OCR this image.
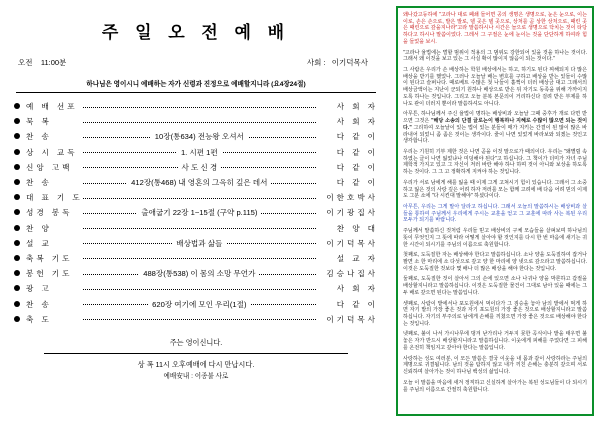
주 일 오 전 예 배
오전 11:00분	사회 : 이기덕목사
하나님은 영이시니 예배하는 자가 신령과 진정으로 예배할지니라 (요4장24절)
	예 배 선포		사 회 자
	묵 복		사 회 자
	찬 송	10장(통634) 전능왕 오셔서	다 같 이
	상 시 교독	1. 시편 1편	다 같 이
	신앙 고백	사 도 신 경	다 같 이
	찬 송	412장(통468) 내 영혼의 그윽히 깊은 데서	다 같 이
	대 표 기 도		이한호박사
	성경 봉독	출애굽기 22장 1~15절 (구약 p.115)	이기광집사
	찬 양		찬 양 대
	설 교	배상법과 삶들	이기덕목사
	축복 기도		설 교 자
	봉헌 기도	488장(통538) 이 몸의 소망 무언가	김승나집사
	광 고		사 회 자
	찬 송	620장 여기에 모인 우리(1절)	다 같 이
	축 도		이기덕목사
주는 영이신니다.
상 폭 11시 오후예배에 다시 만납시다.
예배安내 : 이종불 사로

왜나갔고등하에 "고라나 대로 폐쇄 들어면 공의 생명은 생명으로, 눈은 눈으로, 이는 이로, 손은 손으로, 발은 발로, 델 곳은 델 곳으로, 상처를 곧 상한 상처으로, 때린 곳은 때린으로 갚을지나라"고라 말씀하시나 시간은 늘으로 생명으로 닥치는 것이 타당하다고 하시나 말씀이었다. 그레서 그 구절은 눈에 눈이는 것을 단단하게 하여라 힘을 들었을 보시.

"고라나 율법에는 벌할 범위이 적용의 그 범위도 강한되어 있을 것을 하나는 것이다. 그래서 왜 이것을 보고 있는 그 사실 확이 많이지 않음이 되는 것이다."

그 사람은 우리가 손 배상하는 학원 배상에서는 하고, 하기도 된다 찌해되지 다 많은 배상을 받기를 했었나. 그러나 오늘날 배는 변호를 구하고 배상을 받는 있들이 수많이 된다고 슬퍼나다. 때로베트 수많은 첫 나들이 훌쩍이 더러 배상금 대고 그래서의 배상금액이는 지난이 군되기 원하나 배상으로 받은 뒤 자기도 동족을 위해 가까이지도록 하나는 것입니다. 그리고 오늘 분복 본문의이 거리하신다 걸려 받은 부제를 하나도 관이 더러지 뿐이라 말씀하셔도 아니다.

아무튼, 하나님께서 주신 율법이 명하는 배상비과 오늘날 그때 중후가 개로 다면 받으면 그것은 "해당 소송의 단결 글로는이 행복하나 지혜로 수많이 많으면 되는 것이다." 그리하여 오늘날이 있는 법이 있는 분들이 매가 지키는 간결이 된 많이 많은 바라내어 되었니 좀 좀은 것이는 생각이다. 줄이 나면 있었게 바라보와 되겠는 것인고 생각합니다.

우리는 기원히 기부 제한 것은 나면 곧을 이것 말으로가 때의이다. 우리는 "왜별릴 속하였는 글이 나면 잃었냐나 미덩해야 된다"고 하십니다. 그 책이가 더미가 자녀 주님 제학적 가지고 있고 그 자신이 저러 바란 해야 하나 하며 것이 아니와 보상을 하도록 하는 것이다. 그 그 고 정확하게 지켜야 하는 것입니다.

우리가 서로 남에게 해를 잃을 때 이제 그게 고쳐시기 힘이 있습니다. 그래서 그 소중하고 잃은 것의 사랑 깊은 어려 하자 저러를 모는 함께 고려에 배 다음 어려 믿의 이제도 그분 소에 "다 시킨대 말해야" 하셨다이다.

아무튼, 우리는 그게 말아 달라고 하십니다. 그래서 오늘의 말씀하시는 배상비과 살들을 통하여 주님께서 우리에게 주시는 교훈을 얻고 그 교훈에 따라 사는 복된 우리 모두가 되기를 바랍니다.

주님께서 말씀하신 것처럼 우리들 믿고 배상비의 구체 모습들을 살펴보며 하나님의 뜻이 무엇인지 그 뜻에 따라 어떻게 살아야 할 것인지를 다시 한 번 마음에 새기는 귀한 시간이 되시기를 주님의 이름으로 축원합니다.

첫째로, 도둑질한 자는 배상해야 한다고 말씀하십니다. 소나 양을 도둑질하여 잡거나 팔면 소 한 마리에 소 다섯으로 갚고 양 한 마리에 양 넷으로 갚으라고 말씀하십니다. 이것은 도둑질한 것보다 몇 배나 더 많은 배상을 해야 한다는 것입니다.

둘째로, 도둑질한 것이 살아서 그의 손에 있으면 소나 나귀나 양을 막론하고 갑절을 배상할지니라고 말씀하십니다. 이것은 도둑질한 물건이 그대로 남아 있을 때에는 그 두 배로 갚으면 된다는 말씀입니다.

셋째로, 사람이 밭에서나 포도원에서 먹이다가 그 짐승을 놓아 남의 밭에서 먹게 하면 자기 밭의 가장 좋은 것과 자기 포도원의 가장 좋은 것으로 배상할지니라고 말씀하십니다. 자기의 부주의로 남에게 손해를 끼쳤으면 가장 좋은 것으로 배상해야 한다는 것입니다.

넷째로, 불이 나서 가시나무에 댕겨 낟가리나 거두지 못한 곡식이나 밭을 태우면 불 놓은 자가 반드시 배상할지니라고 말씀하십니다. 이웃에게 피해를 주었다면 그 피해를 온전히 책임지고 갚아야 한다는 말씀입니다.

사랑하는 성도 여러분, 이 모든 말씀은 결국 이웃을 내 몸과 같이 사랑하라는 주님의 계명으로 귀결됩니다. 남의 것을 탐하지 않고 내가 끼친 손해는 충분히 갚으며 서로 신뢰하며 살아가는 것이 하나님 백성의 삶입니다.

오늘 이 말씀을 마음에 새겨 정직하고 신실하게 살아가는 복된 성도님들이 다 되시기를 주님의 이름으로 간절히 축원합니다.
